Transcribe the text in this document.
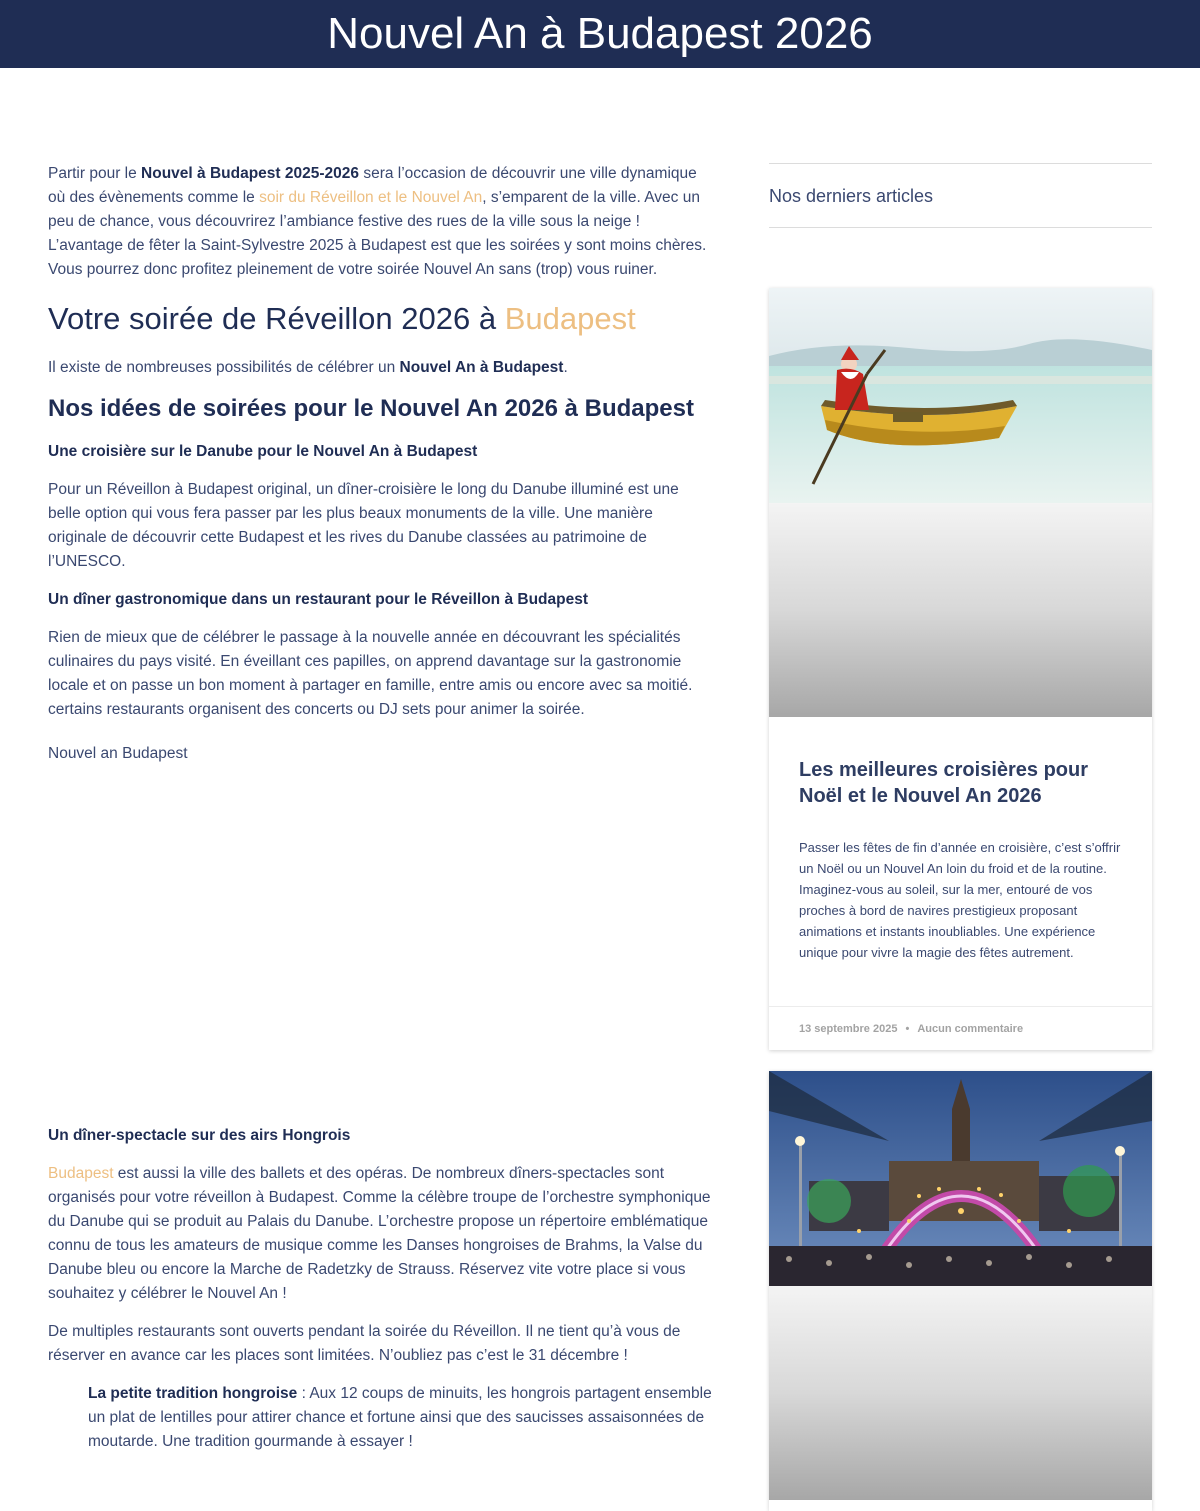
Nouvel An à Budapest 2026

Partir pour le Nouvel à Budapest 2025-2026 sera l’occasion de découvrir une ville dynamique où des évènements comme le soir du Réveillon et le Nouvel An, s’emparent de la ville. Avec un peu de chance, vous découvrirez l’ambiance festive des rues de la ville sous la neige ! L’avantage de fêter la Saint-Sylvestre 2025 à Budapest est que les soirées y sont moins chères. Vous pourrez donc profitez pleinement de votre soirée Nouvel An sans (trop) vous ruiner.

Votre soirée de Réveillon 2026 à Budapest

Il existe de nombreuses possibilités de célébrer un Nouvel An à Budapest.

Nos idées de soirées pour le Nouvel An 2026 à Budapest
Une croisière sur le Danube pour le Nouvel An à Budapest

Pour un Réveillon à Budapest original, un dîner-croisière le long du Danube illuminé est une belle option qui vous fera passer par les plus beaux monuments de la ville. Une manière originale de découvrir cette Budapest et les rives du Danube classées au patrimoine de l’UNESCO.

Un dîner gastronomique dans un restaurant pour le Réveillon à Budapest

Rien de mieux que de célébrer le passage à la nouvelle année en découvrant les spécialités culinaires du pays visité. En éveillant ces papilles, on apprend davantage sur la gastronomie locale et on passe un bon moment à partager en famille, entre amis ou encore avec sa moitié. certains restaurants organisent des concerts ou DJ sets pour animer la soirée.

Nouvel an Budapest
Un dîner-spectacle sur des airs Hongrois

Budapest est aussi la ville des ballets et des opéras. De nombreux dîners-spectacles sont organisés pour votre réveillon à Budapest. Comme la célèbre troupe de l’orchestre symphonique du Danube qui se produit au Palais du Danube. L’orchestre propose un répertoire emblématique connu de tous les amateurs de musique comme les Danses hongroises de Brahms, la Valse du Danube bleu ou encore la Marche de Radetzky de Strauss. Réservez vite votre place si vous souhaitez y célébrer le Nouvel An !

De multiples restaurants sont ouverts pendant la soirée du Réveillon. Il ne tient qu’à vous de réserver en avance car les places sont limitées. N’oubliez pas c’est le 31 décembre !

La petite tradition hongroise : Aux 12 coups de minuits, les hongrois partagent ensemble un plat de lentilles pour attirer chance et fortune ainsi que des saucisses assaisonnées de moutarde. Une tradition gourmande à essayer !
Nos derniers articles
Les meilleures croisières pour Noël et le Nouvel An 2026

Passer les fêtes de fin d’année en croisière, c’est s’offrir un Noël ou un Nouvel An loin du froid et de la routine. Imaginez-vous au soleil, sur la mer, entouré de vos proches à bord de navires prestigieux proposant animations et instants inoubliables. Une expérience unique pour vivre la magie des fêtes autrement.

13 septembre 2025 • Aucun commentaire
